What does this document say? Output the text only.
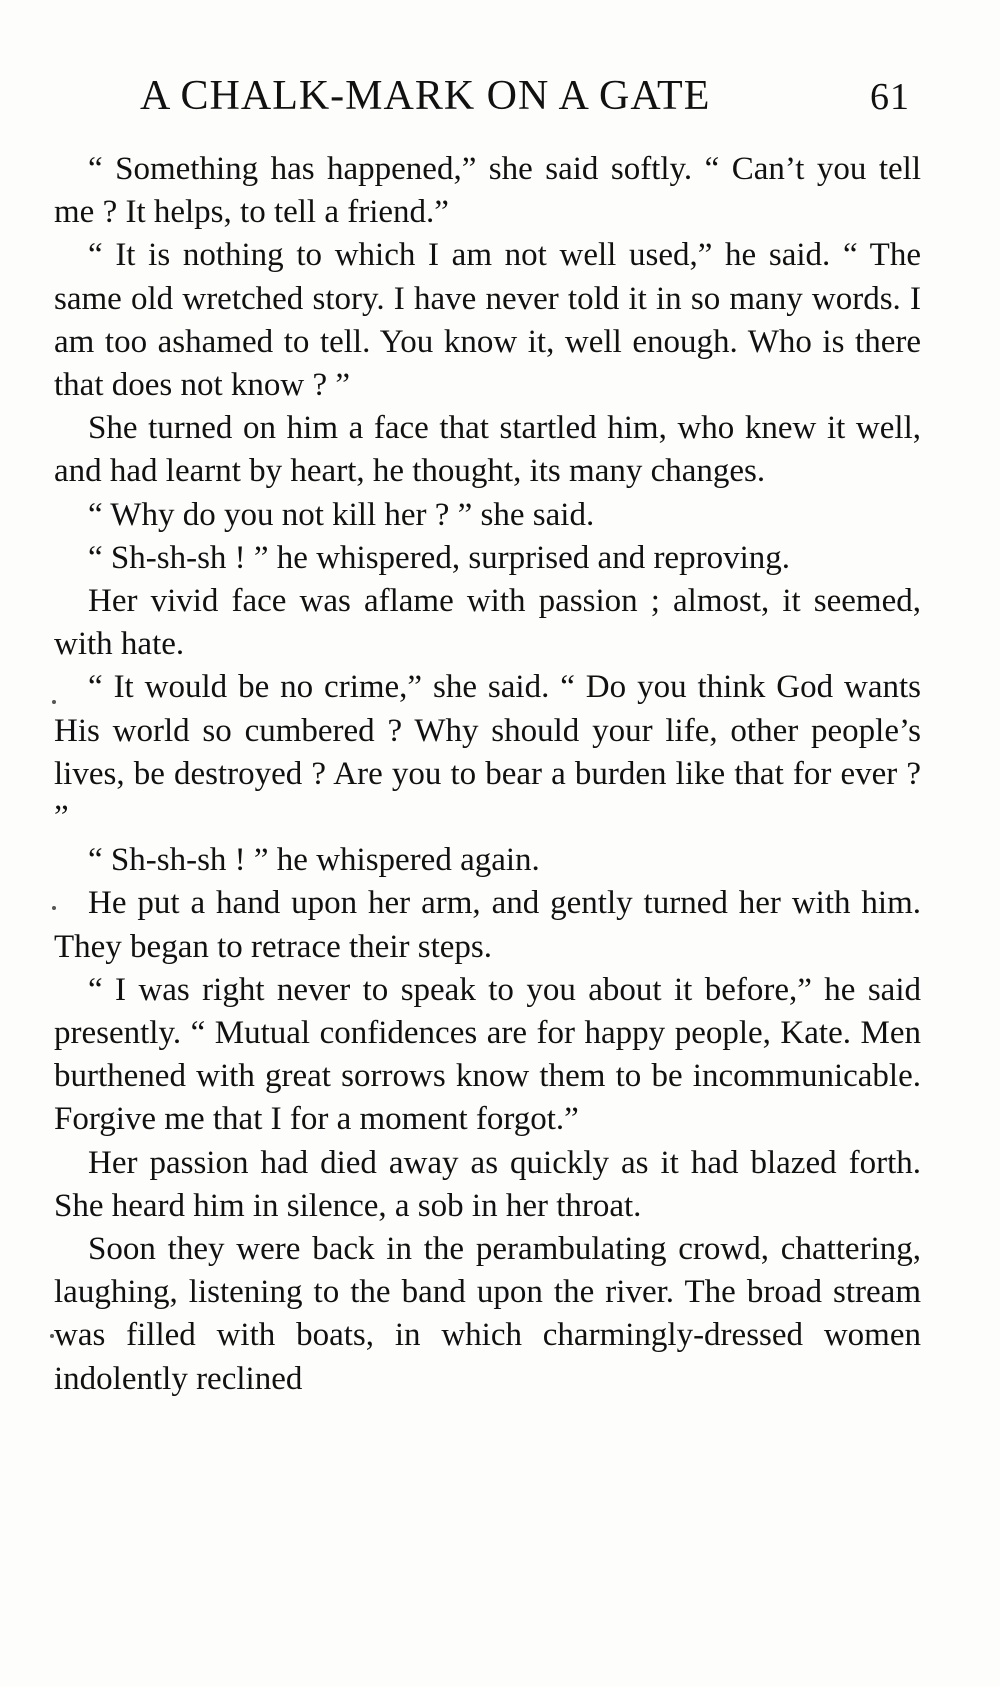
A CHALK-MARK ON A GATE	61

“ Something has happened,” she said softly. “ Can’t you tell me ? It helps, to tell a friend.”

“ It is nothing to which I am not well used,” he said. “ The same old wretched story. I have never told it in so many words. I am too ashamed to tell. You know it, well enough. Who is there that does not know ? ”

She turned on him a face that startled him, who knew it well, and had learnt by heart, he thought, its many changes.

“ Why do you not kill her ? ” she said.

“ Sh-sh-sh ! ” he whispered, surprised and reproving.

Her vivid face was aflame with passion ; almost, it seemed, with hate.

“ It would be no crime,” she said. “ Do you think God wants His world so cumbered ? Why should your life, other people’s lives, be destroyed ? Are you to bear a burden like that for ever ? ”

“ Sh-sh-sh ! ” he whispered again.

He put a hand upon her arm, and gently turned her with him. They began to retrace their steps.

“ I was right never to speak to you about it before,” he said presently. “ Mutual confidences are for happy people, Kate. Men burthened with great sorrows know them to be incommunicable. Forgive me that I for a moment forgot.”

Her passion had died away as quickly as it had blazed forth. She heard him in silence, a sob in her throat.

Soon they were back in the perambulating crowd, chattering, laughing, listening to the band upon the river. The broad stream was filled with boats, in which charmingly-dressed women indolently reclined
